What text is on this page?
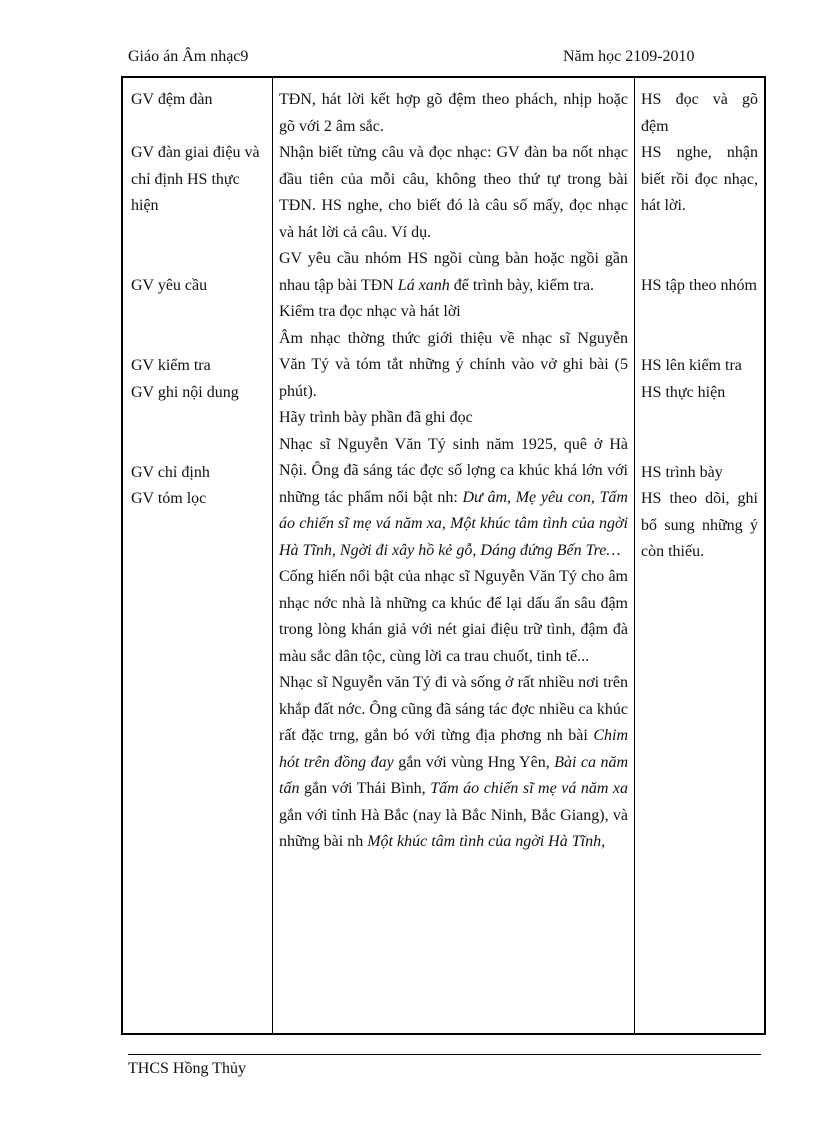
Giáo án Âm nhạc9	Năm học 2109-2010
GV đệm đàn
GV đàn giai điệu và chỉ định HS thực hiện
GV yêu cầu
GV kiểm tra
GV ghi nội dung
GV chỉ định
GV tóm lọc

TĐN, hát lời kết hợp gõ đệm theo phách, nhịp hoặc gõ với 2 âm sắc.

Nhận biết từng câu và đọc nhạc: GV đàn ba nốt nhạc đầu tiên của mỗi câu, không theo thứ tự trong bài TĐN. HS nghe, cho biết đó là câu số mấy, đọc nhạc và hát lời cả câu. Ví dụ.

GV yêu cầu nhóm HS ngồi cùng bàn hoặc ngồi gần nhau tập bài TĐN Lá xanh để trình bày, kiểm tra.

Kiểm tra đọc nhạc và hát lời

Âm nhạc thờng thức giới thiệu về nhạc sĩ Nguyễn Văn Tý và tóm tắt những ý chính vào vở ghi bài (5 phút).

Hãy trình bày phần đã ghi đọc

Nhạc sĩ Nguyễn Văn Tý sinh năm 1925, quê ở Hà Nội. Ông đã sáng tác đợc số lợng ca khúc khá lớn với những tác phẩm nổi bật nh: Dư âm, Mẹ yêu con, Tấm áo chiến sĩ mẹ vá năm xa, Một khúc tâm tình của ngời Hà Tĩnh, Ngời đi xây hồ kẻ gỗ, Dáng đứng Bến Tre…

Cống hiến nổi bật của nhạc sĩ Nguyễn Văn Tý cho âm nhạc nớc nhà là những ca khúc để lại dấu ấn sâu đậm trong lòng khán giả với nét giai điệu trữ tình, đậm đà màu sắc dân tộc, cùng lời ca trau chuốt, tinh tế...

Nhạc sĩ Nguyễn văn Tý đi và sống ở rất nhiều nơi trên khắp đất nớc. Ông cũng đã sáng tác đợc nhiều ca khúc rất đặc trng, gắn bó với từng địa phơng nh bài Chim hót trên đồng đay gắn với vùng Hng Yên, Bài ca năm tấn gắn với Thái Bình, Tấm áo chiến sĩ mẹ vá năm xa gắn với tỉnh Hà Bắc (nay là Bắc Ninh, Bắc Giang), và những bài nh Một khúc tâm tình của ngời Hà Tĩnh,

HS đọc và gõ đệm
HS nghe, nhận biết rồi đọc nhạc, hát lời.
HS tập theo nhóm
HS lên kiểm tra
HS thực hiện
HS trình bày
HS theo dõi, ghi bổ sung những ý còn thiếu.
THCS Hồng Thủy
